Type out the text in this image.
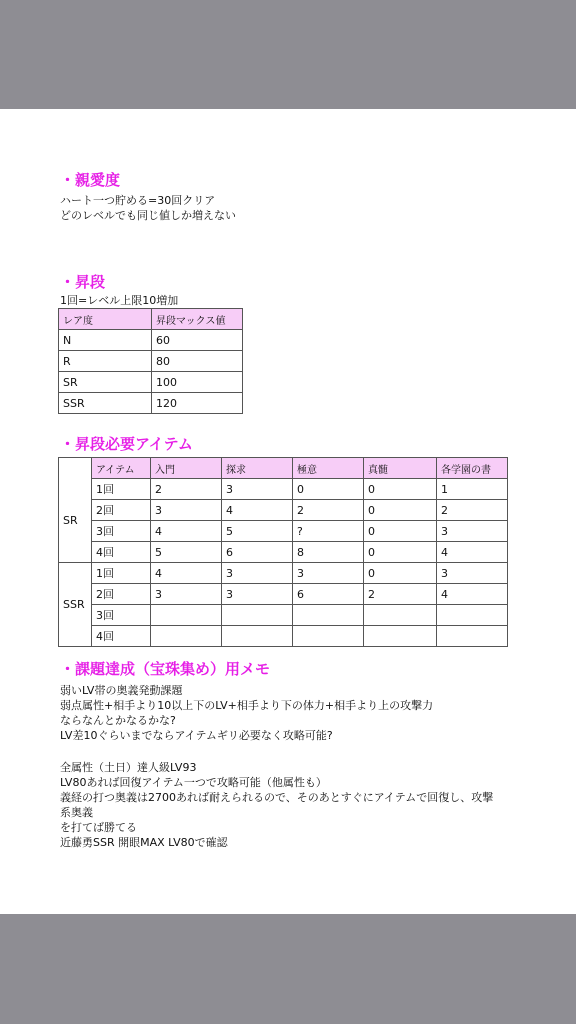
・親愛度
ハート一つ貯める=30回クリア
どのレベルでも同じ値しか増えない
・昇段
1回=レベル上限10増加
レア度	昇段マックス値
N	60
R	80
SR	100
SSR	120
・昇段必要アイテム
	アイテム	入門	探求	極意	真髄	各学園の書
SR	1回	2	3	0	0	1
	2回	3	4	2	0	2
	3回	4	5	?	0	3
	4回	5	6	8	0	4
SSR	1回	4	3	3	0	3
	2回	3	3	6	2	4
	3回					
	4回					
・課題達成（宝珠集め）用メモ
弱いLV帯の奥義発動課題
弱点属性+相手より10以上下のLV+相手より下の体力+相手より上の攻撃力
ならなんとかなるかな?
LV差10ぐらいまでならアイテムギリ必要なく攻略可能?
全属性（土日）達人級LV93
LV80あれば回復アイテム一つで攻略可能（他属性も）
義経の打つ奥義は2700あれば耐えられるので、そのあとすぐにアイテムで回復し、攻撃
系奥義
を打てば勝てる
近藤勇SSR 開眼MAX LV80で確認
